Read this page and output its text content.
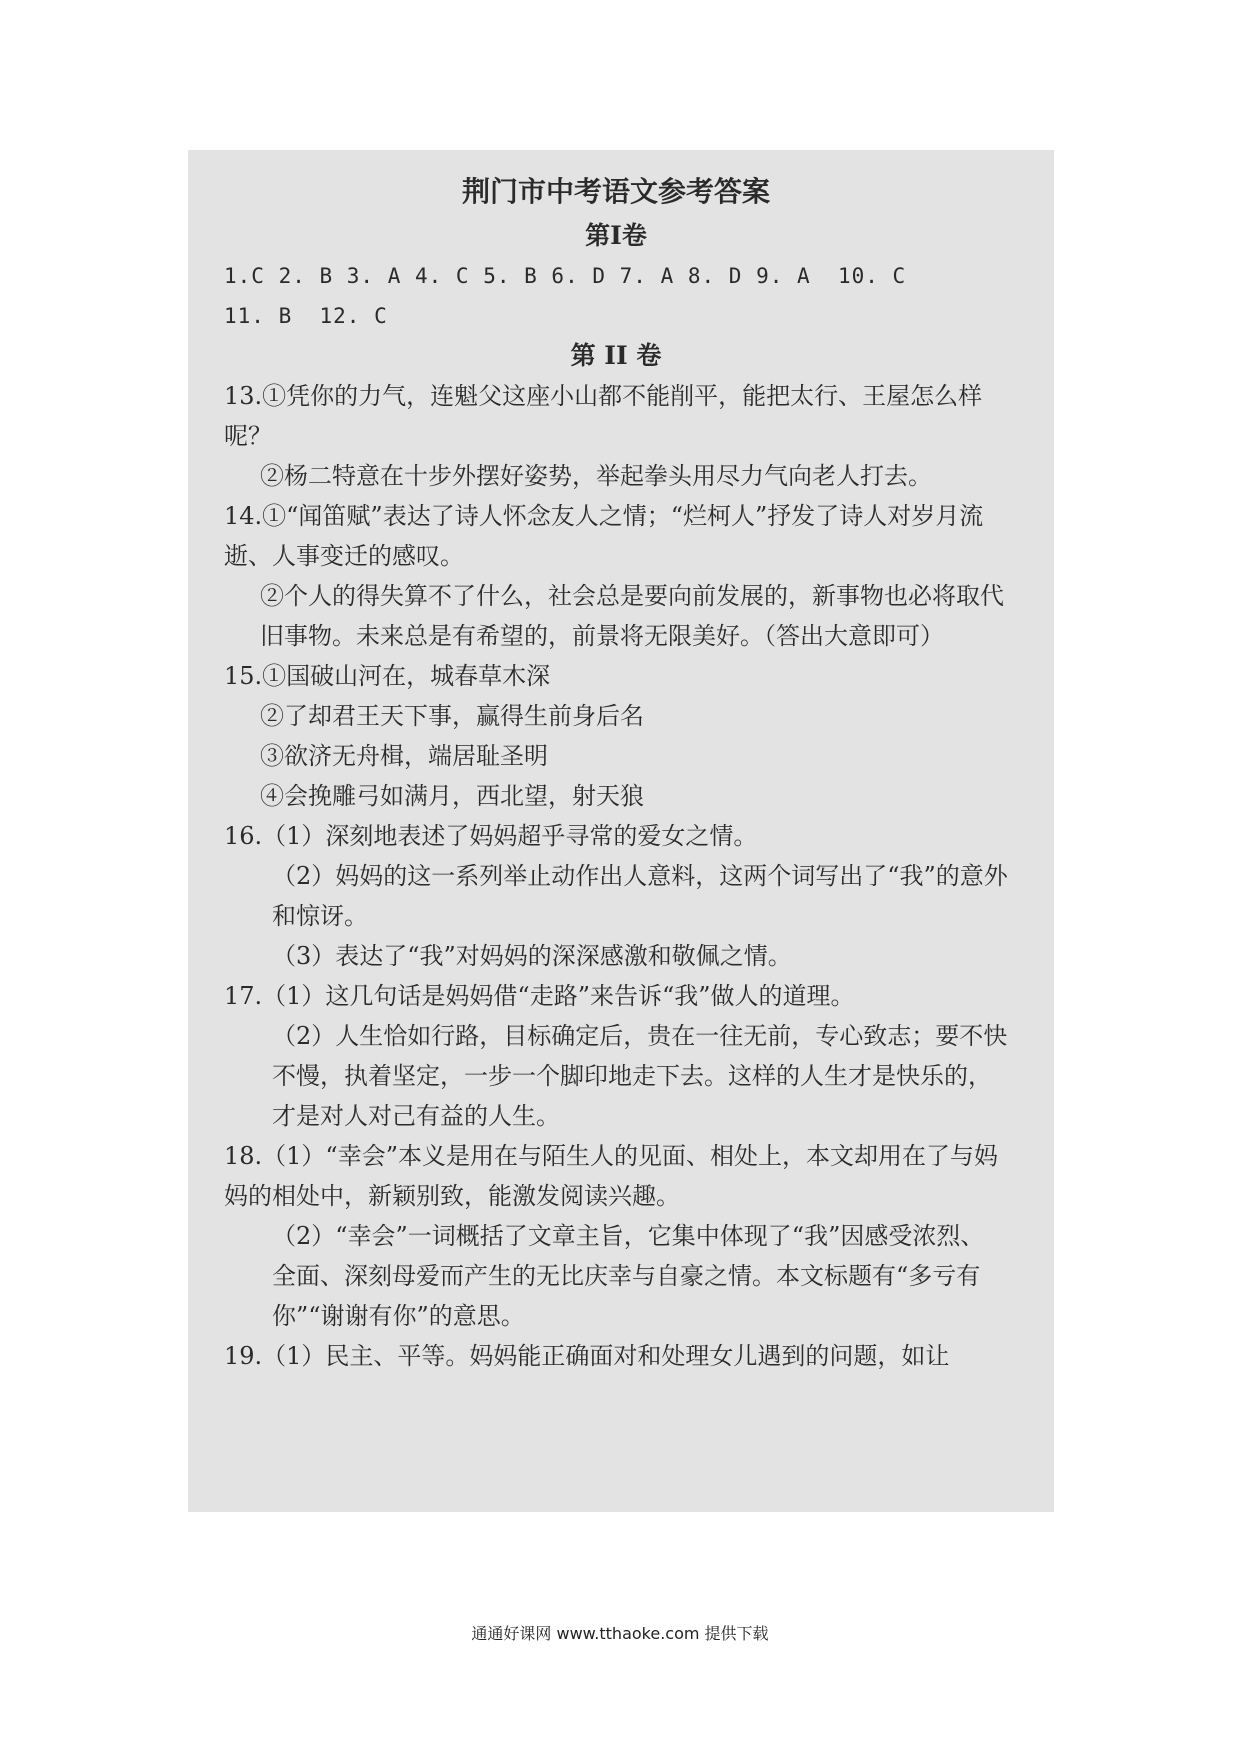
荆门市中考语文参考答案

第Ⅰ卷

1.C 2. B 3. A 4. C 5. B 6. D 7. A 8. D 9. A  10. C

11. B  12. C

第 II 卷

13.①凭你的力气，连魁父这座小山都不能削平，能把太行、王屋怎么样呢？

②杨二特意在十步外摆好姿势，举起拳头用尽力气向老人打去。

14.①“闻笛赋”表达了诗人怀念友人之情；“烂柯人”抒发了诗人对岁月流逝、人事变迁的感叹。

②个人的得失算不了什么，社会总是要向前发展的，新事物也必将取代旧事物。未来总是有希望的，前景将无限美好。（答出大意即可）

15.①国破山河在，城春草木深

②了却君王天下事，赢得生前身后名

③欲济无舟楫，端居耻圣明

④会挽雕弓如满月，西北望，射天狼

16.（1）深刻地表述了妈妈超乎寻常的爱女之情。

（2）妈妈的这一系列举止动作出人意料，这两个词写出了“我”的意外和惊讶。

（3）表达了“我”对妈妈的深深感激和敬佩之情。

17.（1）这几句话是妈妈借“走路”来告诉“我”做人的道理。

（2）人生恰如行路，目标确定后，贵在一往无前，专心致志；要不快不慢，执着坚定，一步一个脚印地走下去。这样的人生才是快乐的，才是对人对己有益的人生。

18.（1）“幸会”本义是用在与陌生人的见面、相处上，本文却用在了与妈妈的相处中，新颖别致，能激发阅读兴趣。

（2）“幸会”一词概括了文章主旨，它集中体现了“我”因感受浓烈、全面、深刻母爱而产生的无比庆幸与自豪之情。本文标题有“多亏有你”“谢谢有你”的意思。

19.（1）民主、平等。妈妈能正确面对和处理女儿遇到的问题，如让

通通好课网 www.tthaoke.com 提供下载
